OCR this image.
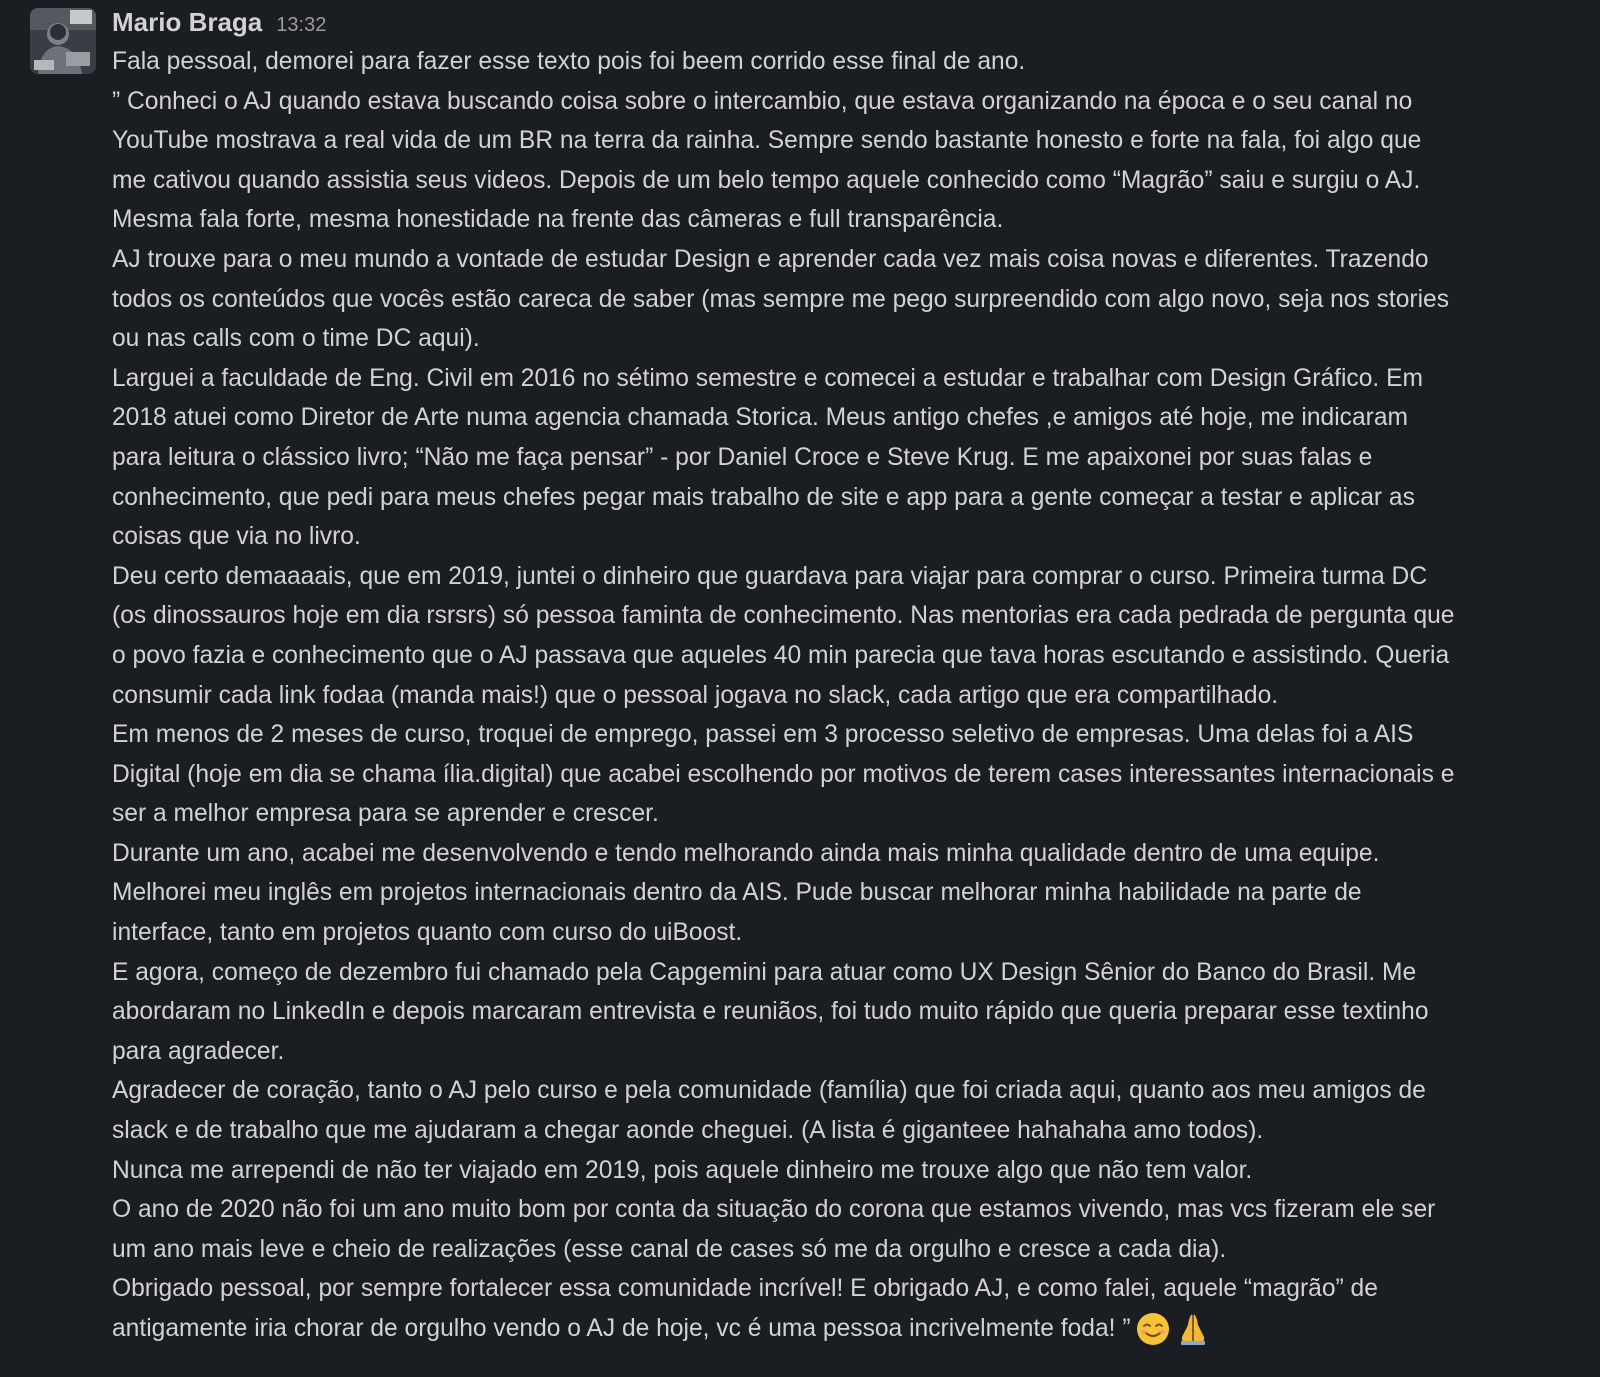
Mario Braga 13:32
Fala pessoal, demorei para fazer esse texto pois foi beem corrido esse final de ano.
” Conheci o AJ quando estava buscando coisa sobre o intercambio, que estava organizando na época e o seu canal no
YouTube mostrava a real vida de um BR na terra da rainha. Sempre sendo bastante honesto e forte na fala, foi algo que
me cativou quando assistia seus videos. Depois de um belo tempo aquele conhecido como “Magrão” saiu e surgiu o AJ.
Mesma fala forte, mesma honestidade na frente das câmeras e full transparência.
AJ trouxe para o meu mundo a vontade de estudar Design e aprender cada vez mais coisa novas e diferentes. Trazendo
todos os conteúdos que vocês estão careca de saber (mas sempre me pego surpreendido com algo novo, seja nos stories
ou nas calls com o time DC aqui).
Larguei a faculdade de Eng. Civil em 2016 no sétimo semestre e comecei a estudar e trabalhar com Design Gráfico. Em
2018 atuei como Diretor de Arte numa agencia chamada Storica. Meus antigo chefes ,e amigos até hoje, me indicaram
para leitura o clássico livro; “Não me faça pensar” - por Daniel Croce e Steve Krug. E me apaixonei por suas falas e
conhecimento, que pedi para meus chefes pegar mais trabalho de site e app para a gente começar a testar e aplicar as
coisas que via no livro.
Deu certo demaaaais, que em 2019, juntei o dinheiro que guardava para viajar para comprar o curso. Primeira turma DC
(os dinossauros hoje em dia rsrsrs) só pessoa faminta de conhecimento. Nas mentorias era cada pedrada de pergunta que
o povo fazia e conhecimento que o AJ passava que aqueles 40 min parecia que tava horas escutando e assistindo. Queria
consumir cada link fodaa (manda mais!) que o pessoal jogava no slack, cada artigo que era compartilhado.
Em menos de 2 meses de curso, troquei de emprego, passei em 3 processo seletivo de empresas. Uma delas foi a AIS
Digital (hoje em dia se chama ília.digital) que acabei escolhendo por motivos de terem cases interessantes internacionais e
ser a melhor empresa para se aprender e crescer.
Durante um ano, acabei me desenvolvendo e tendo melhorando ainda mais minha qualidade dentro de uma equipe.
Melhorei meu inglês em projetos internacionais dentro da AIS. Pude buscar melhorar minha habilidade na parte de
interface, tanto em projetos quanto com curso do uiBoost.
E agora, começo de dezembro fui chamado pela Capgemini para atuar como UX Design Sênior do Banco do Brasil. Me
abordaram no LinkedIn e depois marcaram entrevista e reuniãos, foi tudo muito rápido que queria preparar esse textinho
para agradecer.
Agradecer de coração, tanto o AJ pelo curso e pela comunidade (família) que foi criada aqui, quanto aos meu amigos de
slack e de trabalho que me ajudaram a chegar aonde cheguei. (A lista é giganteee hahahaha amo todos).
Nunca me arrependi de não ter viajado em 2019, pois aquele dinheiro me trouxe algo que não tem valor.
O ano de 2020 não foi um ano muito bom por conta da situação do corona que estamos vivendo, mas vcs fizeram ele ser
um ano mais leve e cheio de realizações (esse canal de cases só me da orgulho e cresce a cada dia).
Obrigado pessoal, por sempre fortalecer essa comunidade incrível! E obrigado AJ, e como falei, aquele “magrão” de
antigamente iria chorar de orgulho vendo o AJ de hoje, vc é uma pessoa incrivelmente foda! ”
